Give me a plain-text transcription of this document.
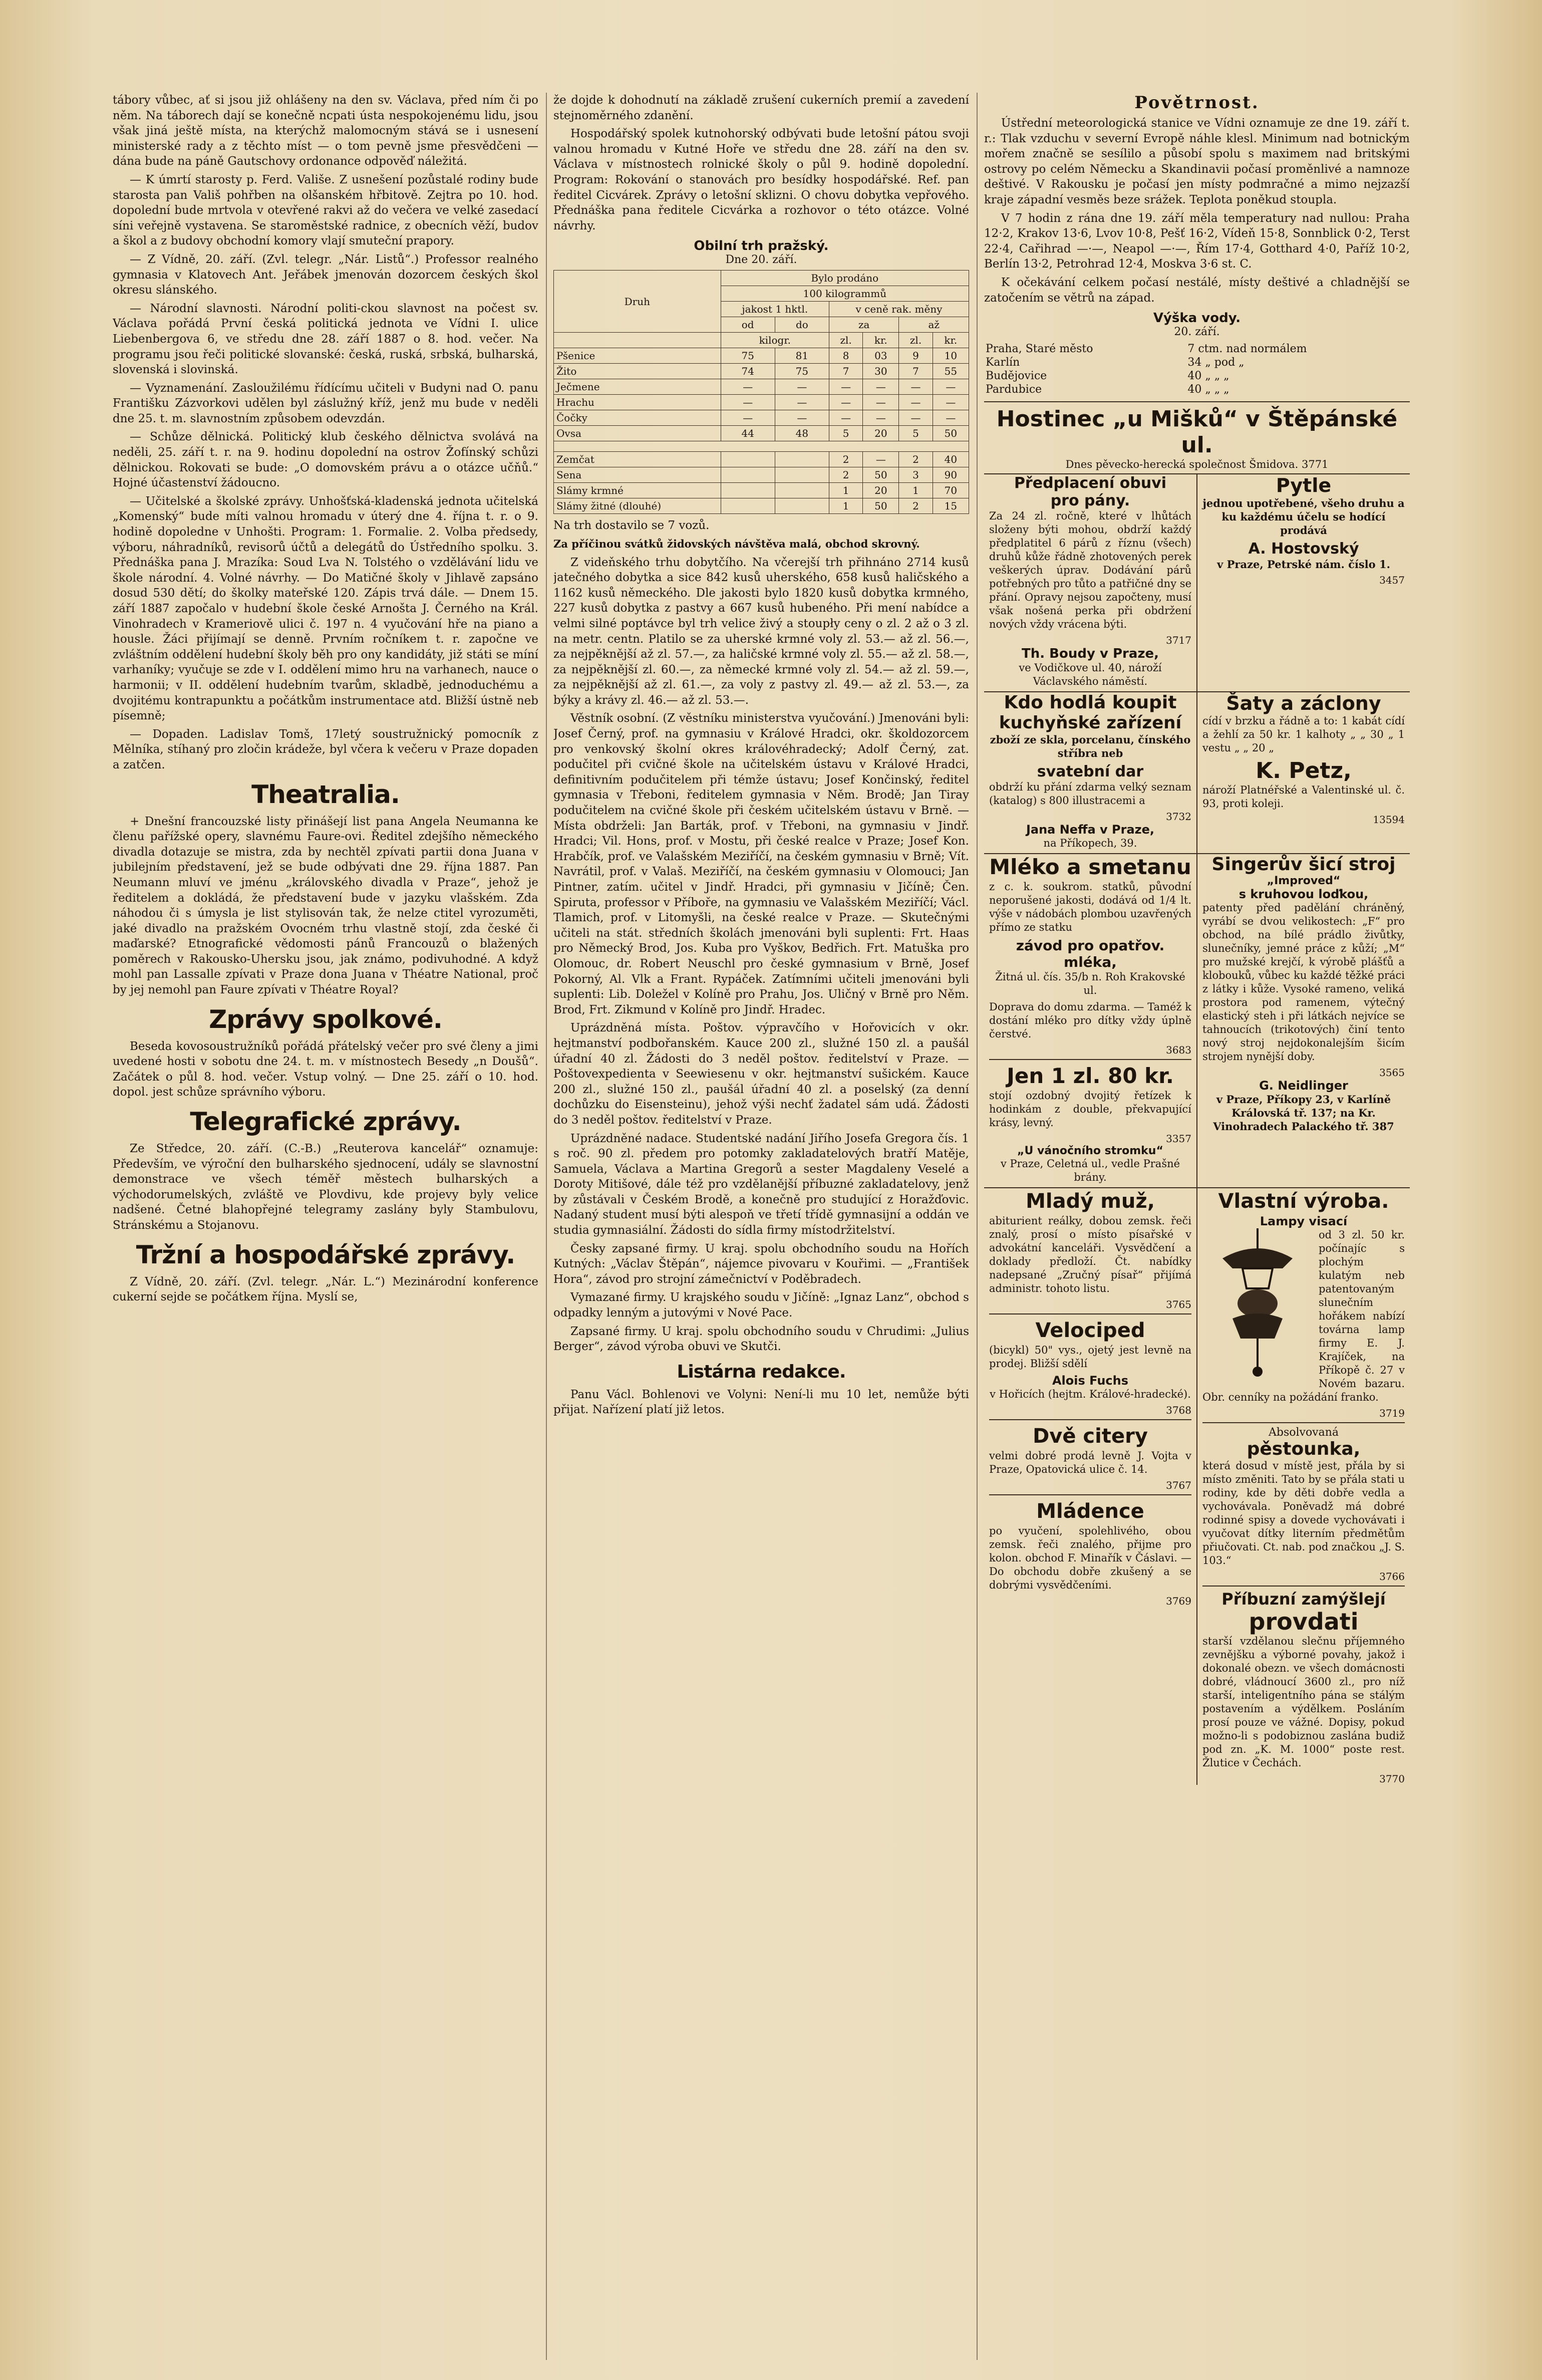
tábory vůbec, ať si jsou již ohlášeny na den sv. Václava, před ním či po něm. Na táborech dají se konečně ncpati ústa nespokojenému lidu, jsou však jiná ještě místa, na kterýchž malomocným stává se i usnesení ministerské rady a z těchto míst — o tom pevně jsme přesvědčeni — dána bude na páně Gautschovy ordonance odpověď náležitá.

— K úmrtí starosty p. Ferd. Vališe. Z usnešení pozůstalé rodiny bude starosta pan Vališ pohřben na olšanském hřbitově. Zejtra po 10. hod. dopolední bude mrtvola v otevřené rakvi až do večera ve velké zasedací síni veřejně vystavena. Se staroměstské radnice, z obecních věží, budov a škol a z budovy obchodní komory vlají smuteční prapory.

— Z Vídně, 20. září. (Zvl. telegr. „Nár. Listů“.) Professor realného gymnasia v Klatovech Ant. Jeřábek jmenován dozorcem českých škol okresu slánského.

— Národní slavnosti. Národní politi-ckou slavnost na počest sv. Václava pořádá První česká politická jednota ve Vídni I. ulice Liebenbergova 6, ve středu dne 28. září 1887 o 8. hod. večer. Na programu jsou řeči politické slovanské: česká, ruská, srbská, bulharská, slovenská i slovinská.

— Vyznamenání. Zasloužilému řídícímu učiteli v Budyni nad O. panu Františku Zázvorkovi udělen byl záslužný kříž, jenž mu bude v neděli dne 25. t. m. slavnostním způsobem odevzdán.

— Schůze dělnická. Politický klub českého dělnictva svolává na neděli, 25. září t. r. na 9. hodinu dopolední na ostrov Žofínský schůzi dělnickou. Rokovati se bude: „O domovském právu a o otázce učňů.“ Hojné účastenství žádoucno.

— Učitelské a školské zprávy. Unhošťská-kladenská jednota učitelská „Komenský“ bude míti valnou hromadu v úterý dne 4. října t. r. o 9. hodině dopoledne v Unhošti. Program: 1. Formalie. 2. Volba předsedy, výboru, náhradníků, revisorů účtů a delegátů do Ústředního spolku. 3. Přednáška pana J. Mrazíka: Soud Lva N. Tolstého o vzdělávání lidu ve škole národní. 4. Volné návrhy. — Do Matičné školy v Jihlavě zapsáno dosud 530 dětí; do školky mateřské 120. Zápis trvá dále. — Dnem 15. září 1887 započalo v hudební škole české Arnošta J. Černého na Král. Vinohradech v Krameriově ulici č. 197 n. 4 vyučování hře na piano a housle. Žáci přijímají se denně. Prvním ročníkem t. r. započne ve zvláštním oddělení hudební školy běh pro ony kandidáty, již státi se míní varhaníky; vyučuje se zde v I. oddělení mimo hru na varhanech, nauce o harmonii; v II. oddělení hudebním tvarům, skladbě, jednoduchému a dvojitému kontrapunktu a počátkům instrumentace atd. Bližší ústně neb písemně;

— Dopaden. Ladislav Tomš, 17letý soustružnický pomocník z Mělníka, stíhaný pro zločin krádeže, byl včera k večeru v Praze dopaden a zatčen.

Theatralia.

+ Dnešní francouzské listy přinášejí list pana Angela Neumanna ke členu pařížské opery, slavnému Faure-ovi. Ředitel zdejšího německého divadla dotazuje se mistra, zda by nechtěl zpívati partii dona Juana v jubilejním představení, jež se bude odbývati dne 29. října 1887. Pan Neumann mluví ve jménu „královského divadla v Praze“, jehož je ředitelem a dokládá, že představení bude v jazyku vlašském. Zda náhodou či s úmysla je list stylisován tak, že nelze ctitel vyrozuměti, jaké divadlo na pražském Ovocném trhu vlastně stojí, zda české či maďarské? Etnografické vědomosti pánů Francouzů o blažených poměrech v Rakousko-Uhersku jsou, jak známo, podivuhodné. A když mohl pan Lassalle zpívati v Praze dona Juana v Théatre National, proč by jej nemohl pan Faure zpívati v Théatre Royal?

Zprávy spolkové.

Beseda kovosoustružníků pořádá přátelský večer pro své členy a jimi uvedené hosti v sobotu dne 24. t. m. v místnostech Besedy „n Doušů“. Začátek o půl 8. hod. večer. Vstup volný. — Dne 25. září o 10. hod. dopol. jest schůze správního výboru.

Telegrafické zprávy.

Ze Středce, 20. září. (C.-B.) „Reuterova kancelář“ oznamuje: Především, ve výroční den bulharského sjednocení, udály se slavnostní demonstrace ve všech téměř městech bulharských a východorumelských, zvláště ve Plovdivu, kde projevy byly velice nadšené. Četné blahopřejné telegramy zaslány byly Stambulovu, Stránskému a Stojanovu.

Tržní a hospodářské zprávy.

Z Vídně, 20. září. (Zvl. telegr. „Nár. L.“) Mezinárodní konference cukerní sejde se počátkem října. Myslí se,

že dojde k dohodnutí na základě zrušení cukerních premií a zavedení stejnoměrného zdanění.

Hospodářský spolek kutnohorský odbývati bude letošní pátou svoji valnou hromadu v Kutné Hoře ve středu dne 28. září na den sv. Václava v místnostech rolnické školy o půl 9. hodině dopolední. Program: Rokování o stanovách pro besídky hospodářské. Ref. pan ředitel Cicvárek. Zprávy o letošní sklizni. O chovu dobytka vepřového. Přednáška pana ředitele Cicvárka a rozhovor o této otázce. Volné návrhy.

Obilní trh pražský.
Dne 20. září.
Druh	Bylo prodáno					
	100 kilogrammů					
	jakost 1 hktl.		v ceně rak. měny			
	od	do	za		až	
	kilogr.		zl.	kr.	zl.	kr.
Pšenice	75	81	8	03	9	10
Žito	74	75	7	30	7	55
Ječmene	—	—	—	—	—	—
Hrachu	—	—	—	—	—	—
Čočky	—	—	—	—	—	—
Ovsa	44	48	5	20	5	50

Zemčat			2	—	2	40
Sena			2	50	3	90
Slámy krmné			1	20	1	70
Slámy žitné (dlouhé)			1	50	2	15

Na trh dostavilo se 7 vozů.

Za příčinou svátků židovských návštěva malá, obchod skrovný.

Z videňského trhu dobytčího. Na včerejší trh přihnáno 2714 kusů jatečného dobytka a sice 842 kusů uherského, 658 kusů haličského a 1162 kusů německého. Dle jakosti bylo 1820 kusů dobytka krmného, 227 kusů dobytka z pastvy a 667 kusů hubeného. Při mení nabídce a velmi silné poptávce byl trh velice živý a stoupły ceny o zl. 2 až o 3 zl. na metr. centn. Platilo se za uherské krmné voly zl. 53.— až zl. 56.—, za nejpěknější až zl. 57.—, za haličské krmné voly zl. 55.— až zl. 58.—, za nejpěknější zl. 60.—, za německé krmné voly zl. 54.— až zl. 59.—, za nejpěknější až zl. 61.—, za voly z pastvy zl. 49.— až zl. 53.—, za býky a krávy zl. 46.— až zl. 53.—.

Věstník osobní. (Z věstníku ministerstva vyučování.) Jmenováni byli: Josef Černý, prof. na gymnasiu v Králové Hradci, okr. školdozorcem pro venkovský školní okres královéhradecký; Adolf Černý, zat. podučitel při cvičné škole na učitelském ústavu v Králové Hradci, definitivním podučitelem při témže ústavu; Josef Končinský, ředitel gymnasia v Třeboni, ředitelem gymnasia v Něm. Brodě; Jan Tiray podučitelem na cvičné škole při českém učitelském ústavu v Brně. — Místa obdrželi: Jan Barták, prof. v Třeboni, na gymnasiu v Jindř. Hradci; Vil. Hons, prof. v Mostu, při české realce v Praze; Josef Kon. Hrabčík, prof. ve Valašském Meziříčí, na českém gymnasiu v Brně; Vít. Navrátil, prof. v Valaš. Meziříčí, na českém gymnasiu v Olomouci; Jan Pintner, zatím. učitel v Jindř. Hradci, při gymnasiu v Jičíně; Čen. Spiruta, professor v Příboře, na gymnasiu ve Valašském Meziříčí; Václ. Tlamich, prof. v Litomyšli, na české realce v Praze. — Skutečnými učiteli na stát. středních školách jmenováni byli suplenti: Frt. Haas pro Německý Brod, Jos. Kuba pro Vyškov, Bedřich. Frt. Matuška pro Olomouc, dr. Robert Neuschl pro české gymnasium v Brně, Josef Pokorný, Al. Vlk a Frant. Rypáček. Zatímními učiteli jmenováni byli suplenti: Lib. Doležel v Kolíně pro Prahu, Jos. Uličný v Brně pro Něm. Brod, Frt. Zikmund v Kolíně pro Jindř. Hradec.

Uprázdněná místa. Poštov. výpravčího v Hořovicích v okr. hejtmanství podbořanském. Kauce 200 zl., služné 150 zl. a paušál úřadní 40 zl. Žádosti do 3 neděl poštov. ředitelství v Praze. — Poštovexpedienta v Seewiesenu v okr. hejtmanství sušickém. Kauce 200 zl., služné 150 zl., paušál úřadní 40 zl. a poselský (za denní dochůzku do Eisensteinu), jehož výši nechť žadatel sám udá. Žádosti do 3 neděl poštov. ředitelství v Praze.

Uprázdněné nadace. Studentské nadání Jiřího Josefa Gregora čís. 1 s roč. 90 zl. předem pro potomky zakladatelových bratří Matěje, Samuela, Václava a Martina Gregorů a sester Magdaleny Veselé a Doroty Mitišové, dále též pro vzdělanější příbuzné zakladatelovy, jenž by zůstávali v Českém Brodě, a konečně pro studující z Horažďovic. Nadaný student musí býti alespoň ve třetí třídě gymnasijní a oddán ve studia gymnasiální. Žádosti do sídla firmy místodržitelství.

Česky zapsané firmy. U kraj. spolu obchodního soudu na Hořích Kutných: „Václav Štěpán“, nájemce pivovaru v Kouřimi. — „František Hora“, závod pro strojní zámečnictví v Poděbradech.

Vymazané firmy. U krajského soudu v Jičíně: „Ignaz Lanz“, obchod s odpadky lenným a jutovými v Nové Pace.

Zapsané firmy. U kraj. spolu obchodního soudu v Chrudimi: „Julius Berger“, závod výroba obuvi ve Skutči.

Listárna redakce.

Panu Václ. Bohlenovi ve Volyni: Není-li mu 10 let, nemůže býti přijat. Nařízení platí již letos.

Povětrnost.

Ústřední meteorologická stanice ve Vídni oznamuje ze dne 19. září t. r.: Tlak vzduchu v severní Evropě náhle klesl. Minimum nad botnickým mořem značně se sesílilo a působí spolu s maximem nad britskými ostrovy po celém Německu a Skandinavii počasí proměnlivé a namnoze deštivé. V Rakousku je počasí jen místy podmračné a mimo nejzazší kraje západní vesměs beze srážek. Teplota poněkud stoupla.

V 7 hodin z rána dne 19. září měla temperatury nad nullou: Praha 12·2, Krakov 13·6, Lvov 10·8, Pešť 16·2, Vídeň 15·8, Sonnblick 0·2, Terst 22·4, Cařihrad —·—, Neapol —·—, Řím 17·4, Gotthard 4·0, Paříž 10·2, Berlín 13·2, Petrohrad 12·4, Moskva 3·6 st. C.

K očekávání celkem počasí nestálé, místy deštivé a chladnější se zatočením se větrů na západ.

Výška vody.
20. září.
Praha, Staré město	7 ctm. nad normálem
Karlín	34 „ pod „
Budějovice	40 „ „ „
Pardubice	40 „ „ „
Hostinec „u Mišků“ v Štěpánské ul.
Dnes pěvecko-herecká společnost Šmidova. 3771
Předplacení obuvi
pro pány.

Za 24 zl. ročně, které v lhůtách složeny býti mohou, obdrží každý předplatitel 6 párů z říznu (všech) druhů kůže řádně zhotovených perek veškerých úprav. Dodávání párů potřebných pro tůto a patřičné dny se přání. Opravy nejsou započteny, musí však nošená perka při obdržení nových vždy vrácena býti.

3717
Th. Boudy v Praze,

ve Vodičkove ul. 40, nároží Václavského náměstí.

Pytle

jednou upotřebené, všeho druhu a ku každému účelu se hodící prodává

A. Hostovský

v Praze, Petrské nám. číslo 1.

3457
Kdo hodlá koupit
kuchyňské zařízení

zboží ze skla, porcelanu, čínského stříbra neb

svatební dar

obdrží ku přání zdarma velký seznam (katalog) s 800 illustracemi a

3732
Jana Neffa v Praze,

na Příkopech, 39.

Šaty a záclony

cídí v brzku a řádně a to: 1 kabát cídí a žehlí za 50 kr. 1 kalhoty „ „ 30 „ 1 vestu „ „ 20 „

K. Petz,

nároží Platnéřské a Valentinské ul. č. 93, proti koleji.

13594
Mléko a smetanu

z c. k. soukrom. statků, původní neporušené jakosti, dodává od 1/4 lt. výše v nádobách plombou uzavřených přímo ze statku

závod pro opatřov. mléka,

Žitná ul. čís. 35/b n. Roh Krakovské ul.

Doprava do domu zdarma. — Taméž k dostání mléko pro dítky vždy úplně čerstvé.

3683
Jen 1 zl. 80 kr.

stojí ozdobný dvojitý řetízek k hodinkám z double, překvapující krásy, levný.

3357
„U vánočního stromku“

v Praze, Celetná ul., vedle Prašné brány.

Singerův šicí stroj
„Improved“
s kruhovou loďkou,

patenty před padělání chráněný, vyrábí se dvou velikostech: „F“ pro obchod, na bílé prádlo živůtky, slunečníky, jemné práce z kůží; „M“ pro mužské krejčí, k výrobě plášťů a klobouků, vůbec ku každé těžké práci z látky i kůže. Vysoké rameno, veliká prostora pod ramenem, výtečný elastický steh i při látkách nejvíce se tahnoucích (trikotových) činí tento nový stroj nejdokonalejším šicím strojem nynější doby.

3565
G. Neidlinger

v Praze, Příkopy 23, v Karlíně Královská tř. 137; na Kr. Vinohradech Palackého tř. 387

Mladý muž,

abiturient reálky, dobou zemsk. řeči znalý, prosí o místo písařské v advokátní kanceláři. Vysvědčení a doklady předloží. Čt. nabídky nadepsané „Zručný písař“ přijímá administr. tohoto listu.

3765
Velociped

(bicykl) 50" vys., ojetý jest levně na prodej. Bližší sdělí

Alois Fuchs

v Hořicích (hejtm. Králové-hradecké).

3768
Dvě citery

velmi dobré prodá levně J. Vojta v Praze, Opatovická ulice č. 14.

3767
Mládence

po vyučení, spolehlivého, obou zemsk. řeči znalého, přijme pro kolon. obchod F. Minařík v Čáslavi. — Do obchodu dobře zkušený a se dobrými vysvědčeními.

3769
Vlastní výroba.
Lampy visací

od 3 zl. 50 kr. počínajíc s plochým kulatým neb patentovaným slunečním hořákem nabízí továrna lamp firmy E. J. Krajíček, na Příkopě č. 27 v Novém bazaru. Obr. cenníky na požádání franko.

3719
Absolvovaná
pěstounka,

která dosud v místě jest, přála by si místo změniti. Tato by se přála stati u rodiny, kde by děti dobře vedla a vychovávala. Poněvadž má dobré rodinné spisy a dovede vychovávati i vyučovat dítky literním předmětům přiučovati. Ct. nab. pod značkou „J. S. 103.“

3766
Příbuzní zamýšlejí
provdati

starší vzdělanou slečnu příjemného zevnějšku a výborné povahy, jakož i dokonalé obezn. ve všech domácnosti dobré, vládnoucí 3600 zl., pro níž starší, inteligentního pána se stálým postavením a výdělkem. Posláním prosí pouze ve vážné. Dopisy, pokud možno-li s podobiznou zaslána budiž pod zn. „K. M. 1000“ poste rest. Žlutice v Čechách.

3770
